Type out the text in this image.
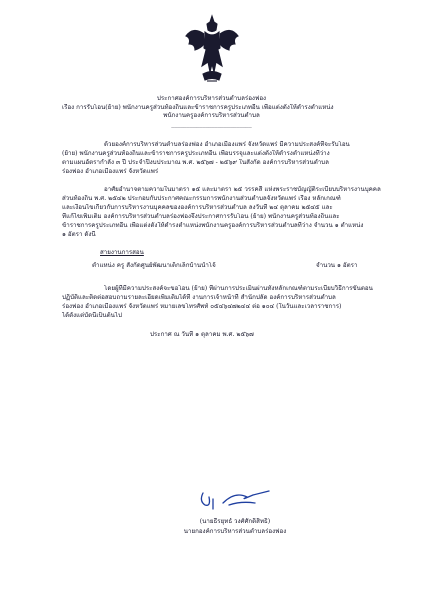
ประกาศองค์การบริหารส่วนตำบลร่องฟอง
เรื่อง การรับโอน(ย้าย) พนักงานครูส่วนท้องถิ่นและข้าราชการครูประเภทอื่น เพื่อแต่งตั้งให้ดำรงตำแหน่ง
พนักงานครูองค์การบริหารส่วนตำบล
__________________________
ด้วยองค์การบริหารส่วนตำบลร่องฟอง อำเภอเมืองแพร่ จังหวัดแพร่ มีความประสงค์ที่จะรับโอน
(ย้าย) พนักงานครูส่วนท้องถิ่นและข้าราชการครูประเภทอื่น เพื่อบรรจุและแต่งตั้งให้ดำรงตำแหน่งที่ว่าง
ตามแผนอัตรากำลัง ๓ ปี ประจำปีงบประมาณ พ.ศ. ๒๕๖๗ - ๒๕๖๙ ในสังกัด องค์การบริหารส่วนตำบล
ร่องฟอง อำเภอเมืองแพร่ จังหวัดแพร่
อาศัยอำนาจตามความในมาตรา ๑๕ และมาตรา ๒๕ วรรคสี่ แห่งพระราชบัญญัติระเบียบบริหารงานบุคคล
ส่วนท้องถิ่น พ.ศ. ๒๕๔๒ ประกอบกับประกาศคณะกรรมการพนักงานส่วนตำบลจังหวัดแพร่ เรื่อง หลักเกณฑ์
และเงื่อนไขเกี่ยวกับการบริหารงานบุคคลขององค์การบริหารส่วนตำบล ลงวันที่ ๒๔ ตุลาคม ๒๕๔๕ และ
ที่แก้ไขเพิ่มเติม องค์การบริหารส่วนตำบลร่องฟองจึงประกาศการรับโอน (ย้าย) พนักงานครูส่วนท้องถิ่นและ
ข้าราชการครูประเภทอื่น เพื่อแต่งตั้งให้ดำรงตำแหน่งพนักงานครูองค์การบริหารส่วนตำบลที่ว่าง จำนวน ๑ ตำแหน่ง
๑ อัตรา ดังนี้
สายงานการสอน
ตำแหน่ง ครู สังกัดศูนย์พัฒนาเด็กเล็กบ้านน้ำโจ้	จำนวน ๑ อัตรา
โดยผู้ที่มีความประสงค์จะขอโอน (ย้าย) ที่ผ่านการประเมินผ่านทั้งหลักเกณฑ์ตามระเบียบวิธีการขั้นตอน
ปฏิบัติและติดต่อสอบถามรายละเอียดเพิ่มเติมได้ที่ งานการเจ้าหน้าที่ สำนักปลัด องค์การบริหารส่วนตำบล
ร่องฟอง อำเภอเมืองแพร่ จังหวัดแพร่ หมายเลขโทรศัพท์ ๐๕๔๖๔๗๒๔๔ ต่อ ๑๐๔ (ในวันและเวลาราชการ)
ได้ตั้งแต่บัดนี้เป็นต้นไป
ประกาศ ณ วันที่ ๑ ตุลาคม พ.ศ. ๒๕๖๗
(นายธีรยุทธ์ วงศ์ศักดิ์สิทธิ์)
นายกองค์การบริหารส่วนตำบลร่องฟอง
